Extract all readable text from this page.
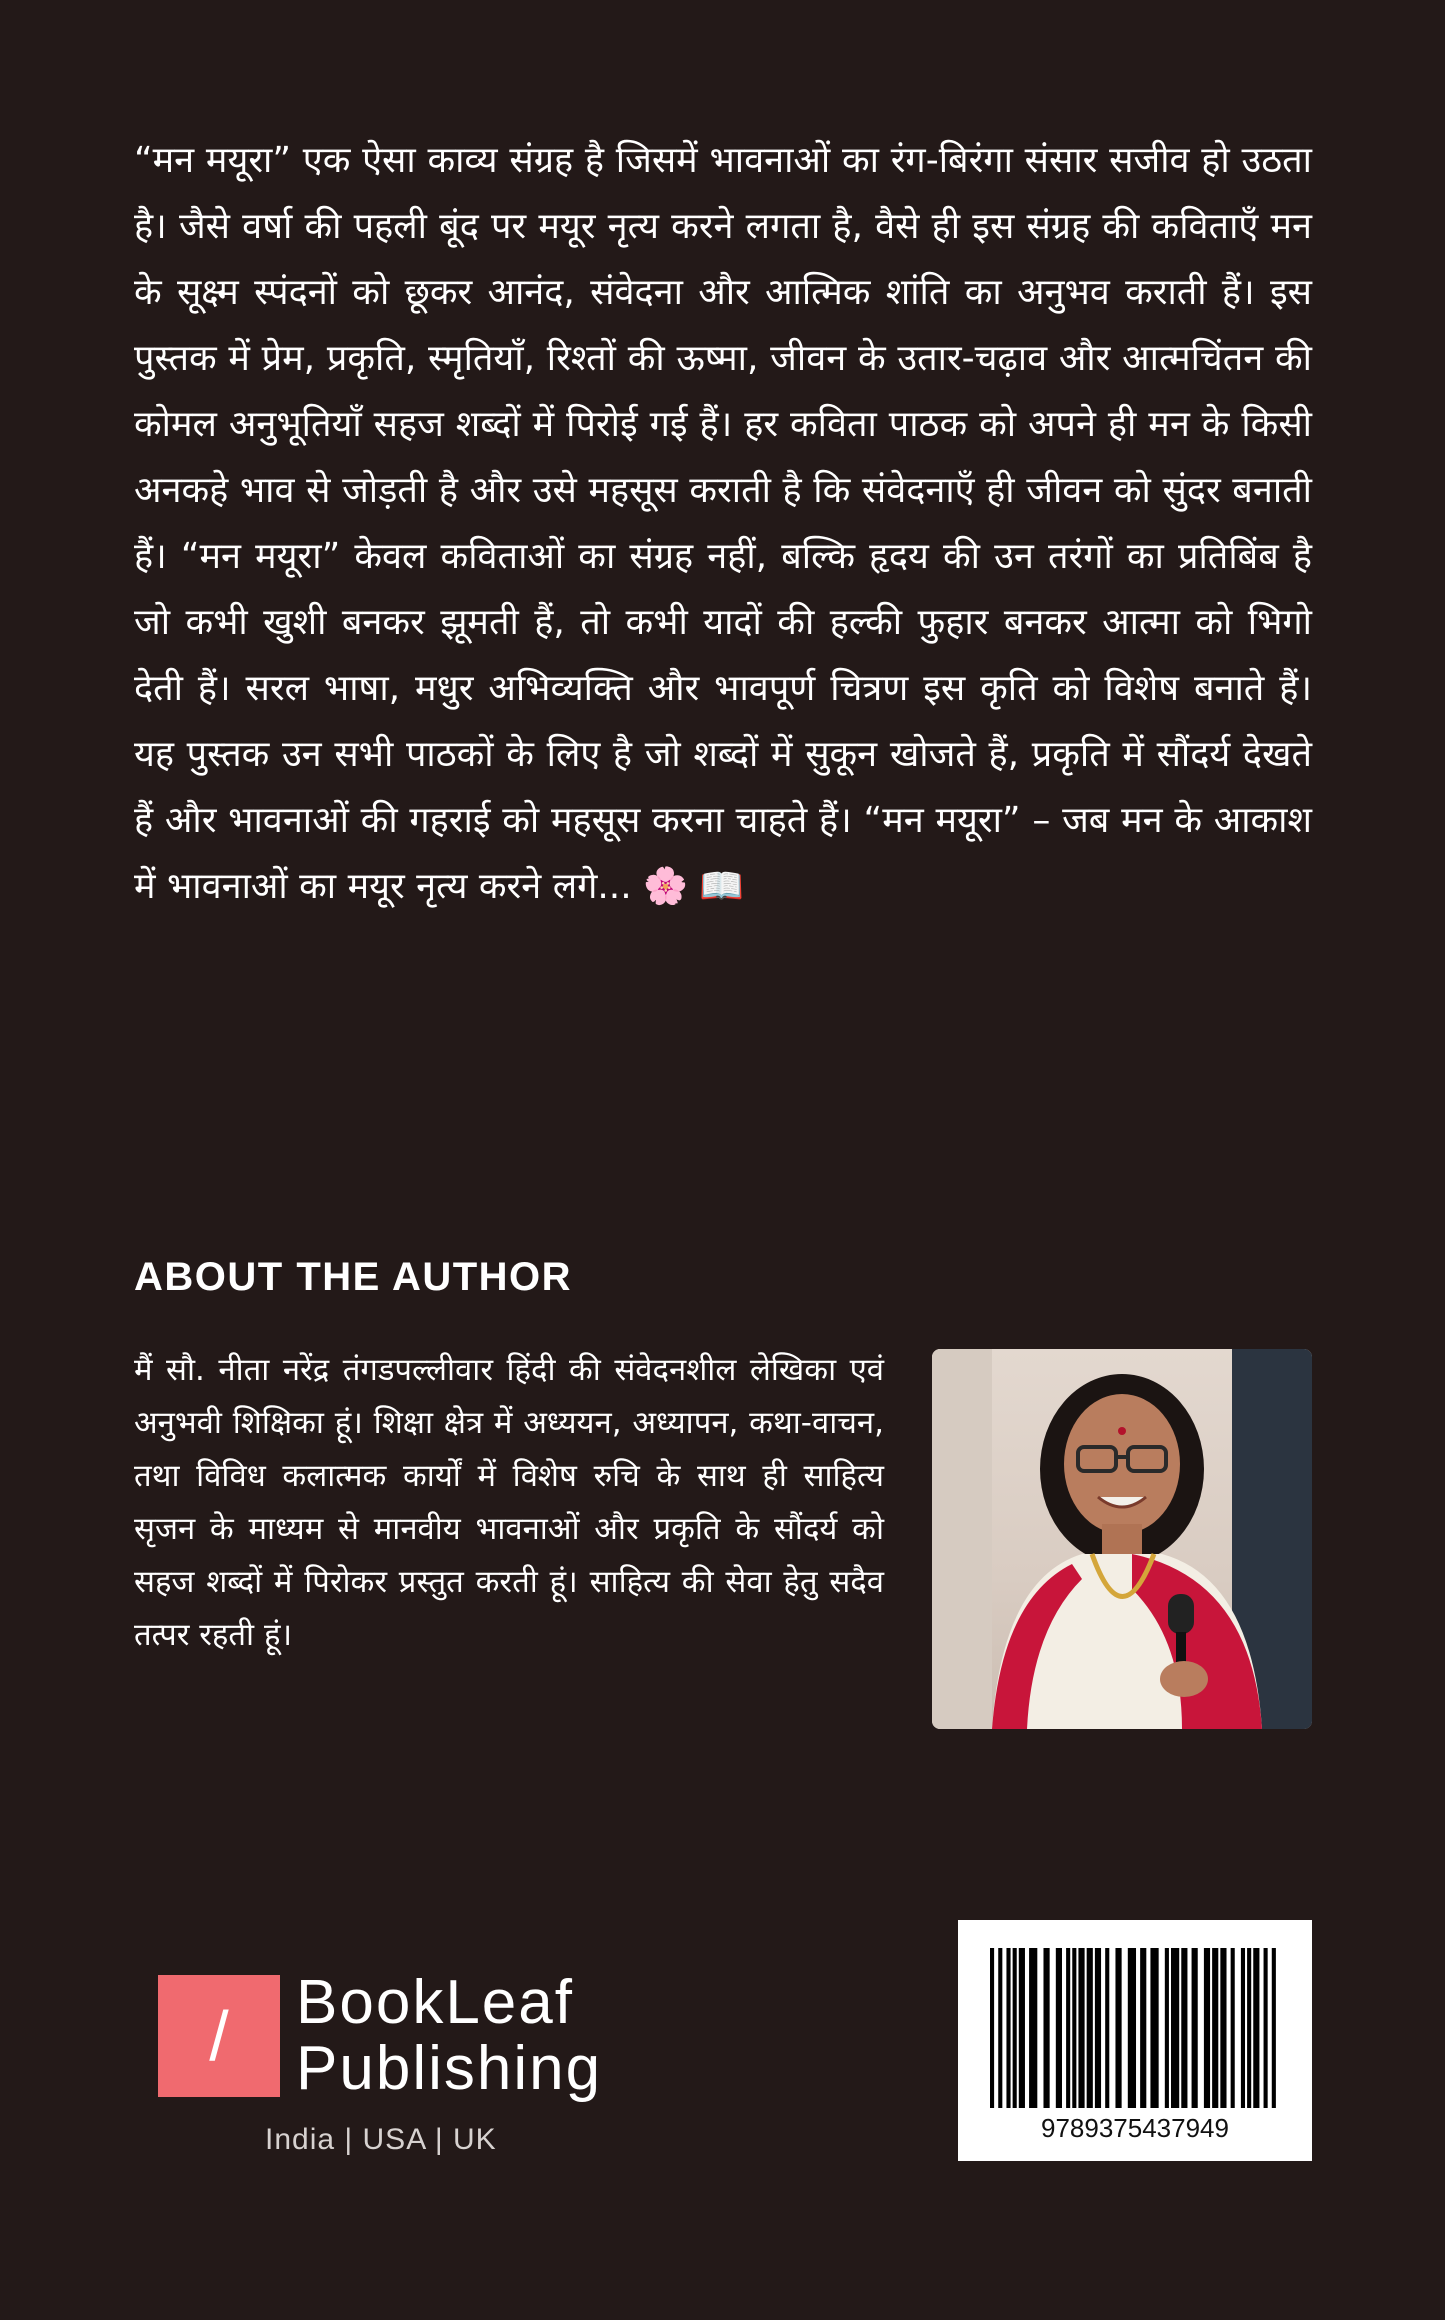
“मन मयूरा” एक ऐसा काव्य संग्रह है जिसमें भावनाओं का रंग-बिरंगा संसार सजीव हो उठता है। जैसे वर्षा की पहली बूंद पर मयूर नृत्य करने लगता है, वैसे ही इस संग्रह की कविताएँ मन के सूक्ष्म स्पंदनों को छूकर आनंद, संवेदना और आत्मिक शांति का अनुभव कराती हैं। इस पुस्तक में प्रेम, प्रकृति, स्मृतियाँ, रिश्तों की ऊष्मा, जीवन के उतार-चढ़ाव और आत्मचिंतन की कोमल अनुभूतियाँ सहज शब्दों में पिरोई गई हैं। हर कविता पाठक को अपने ही मन के किसी अनकहे भाव से जोड़ती है और उसे महसूस कराती है कि संवेदनाएँ ही जीवन को सुंदर बनाती हैं। “मन मयूरा” केवल कविताओं का संग्रह नहीं, बल्कि हृदय की उन तरंगों का प्रतिबिंब है जो कभी खुशी बनकर झूमती हैं, तो कभी यादों की हल्की फुहार बनकर आत्मा को भिगो देती हैं। सरल भाषा, मधुर अभिव्यक्ति और भावपूर्ण चित्रण इस कृति को विशेष बनाते हैं। यह पुस्तक उन सभी पाठकों के लिए है जो शब्दों में सुकून खोजते हैं, प्रकृति में सौंदर्य देखते हैं और भावनाओं की गहराई को महसूस करना चाहते हैं। “मन मयूरा” – जब मन के आकाश में भावनाओं का मयूर नृत्य करने लगे... 🌸 📖

ABOUT THE AUTHOR

मैं सौ. नीता नरेंद्र तंगडपल्लीवार हिंदी की संवेदनशील लेखिका एवं अनुभवी शिक्षिका हूं। शिक्षा क्षेत्र में अध्ययन, अध्यापन, कथा-वाचन, तथा विविध कलात्मक कार्यों में विशेष रुचि के साथ ही साहित्य सृजन के माध्यम से मानवीय भावनाओं और प्रकृति के सौंदर्य को सहज शब्दों में पिरोकर प्रस्तुत करती हूं। साहित्य की सेवा हेतु सदैव तत्पर रहती हूं।

/	BookLeaf
Publishing
India | USA | UK	9789375437949
